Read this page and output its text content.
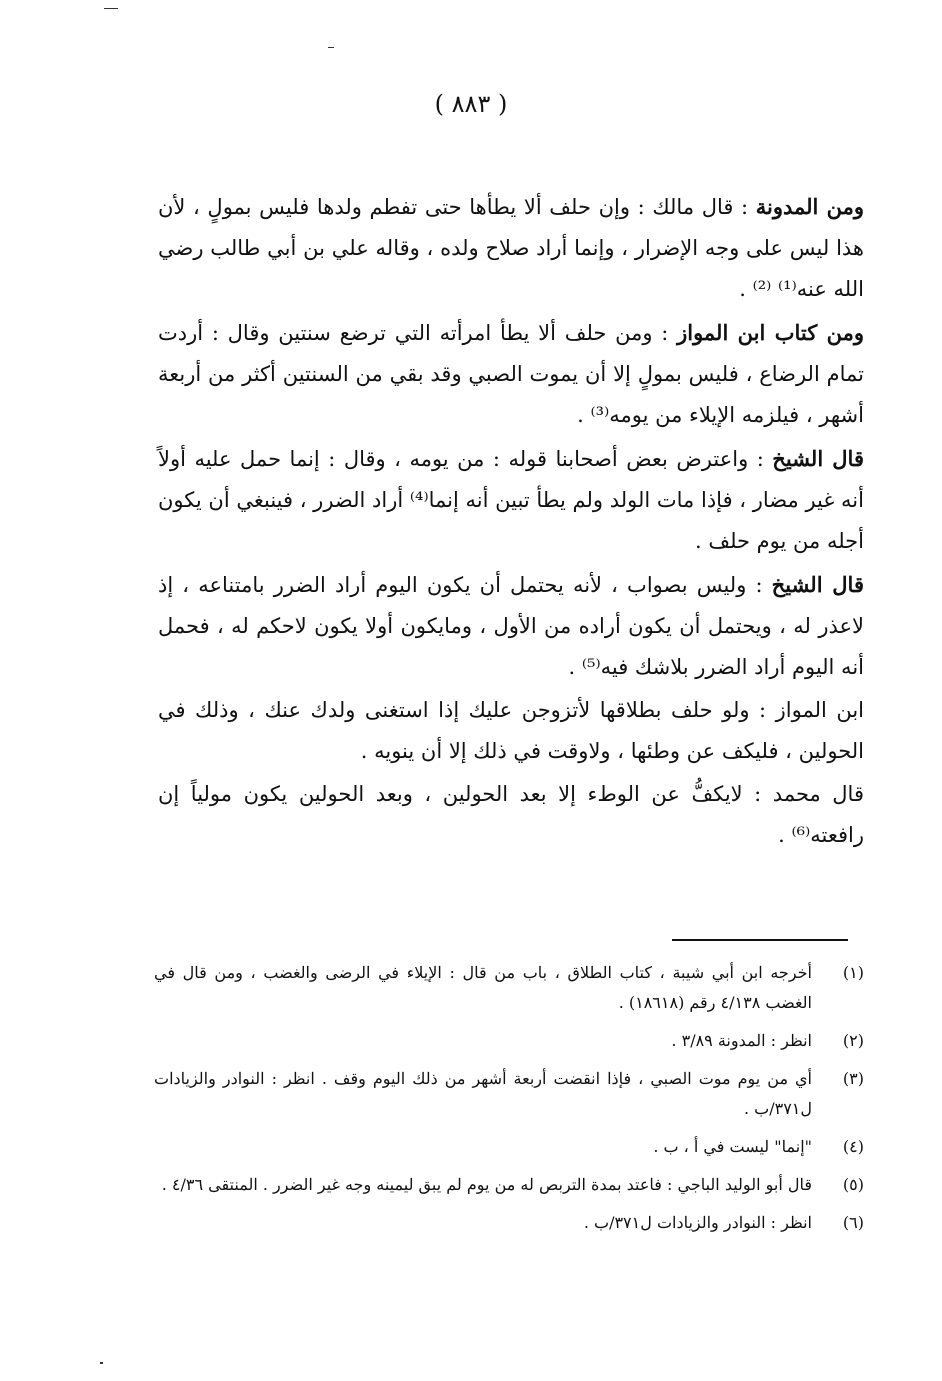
( ٨٨٣ )

ومن المدونة : قال مالك : وإن حلف ألا يطأها حتى تفطم ولدها فليس بمولٍ ، لأن هذا ليس على وجه الإضرار ، وإنما أراد صلاح ولده ، وقاله علي بن أبي طالب رضي الله عنه⁽¹⁾ ⁽²⁾ .

ومن كتاب ابن المواز : ومن حلف ألا يطأ امرأته التي ترضع سنتين وقال : أردت تمام الرضاع ، فليس بمولٍ إلا أن يموت الصبي وقد بقي من السنتين أكثر من أربعة أشهر ، فيلزمه الإيلاء من يومه⁽³⁾ .

قال الشيخ : واعترض بعض أصحابنا قوله : من يومه ، وقال : إنما حمل عليه أولاً أنه غير مضار ، فإذا مات الولد ولم يطأ تبين أنه إنما⁽⁴⁾ أراد الضرر ، فينبغي أن يكون أجله من يوم حلف .

قال الشيخ : وليس بصواب ، لأنه يحتمل أن يكون اليوم أراد الضرر بامتناعه ، إذ لاعذر له ، ويحتمل أن يكون أراده من الأول ، ومايكون أولا يكون لاحكم له ، فحمل أنه اليوم أراد الضرر بلاشك فيه⁽⁵⁾ .

ابن المواز : ولو حلف بطلاقها لأتزوجن عليك إذا استغنى ولدك عنك ، وذلك في الحولين ، فليكف عن وطئها ، ولاوقت في ذلك إلا أن ينويه .

قال محمد : لايكفُّ عن الوطء إلا بعد الحولين ، وبعد الحولين يكون مولياً إن رافعته⁽⁶⁾ .

(١)
أخرجه ابن أبي شيبة ، كتاب الطلاق ، باب من قال : الإيلاء في الرضى والغضب ، ومن قال في الغضب ٤/١٣٨ رقم (١٨٦١٨) .
(٢)
انظر : المدونة ٣/٨٩ .
(٣)
أي من يوم موت الصبي ، فإذا انقضت أربعة أشهر من ذلك اليوم وقف . انظر : النوادر والزيادات ل٣٧١/ب .
(٤)
"إنما" ليست في أ ، ب .
(٥)
قال أبو الوليد الباجي : فاعتد بمدة التربص له من يوم لم يبق ليمينه وجه غير الضرر . المنتقى ٤/٣٦ .
(٦)
انظر : النوادر والزيادات ل٣٧١/ب .
